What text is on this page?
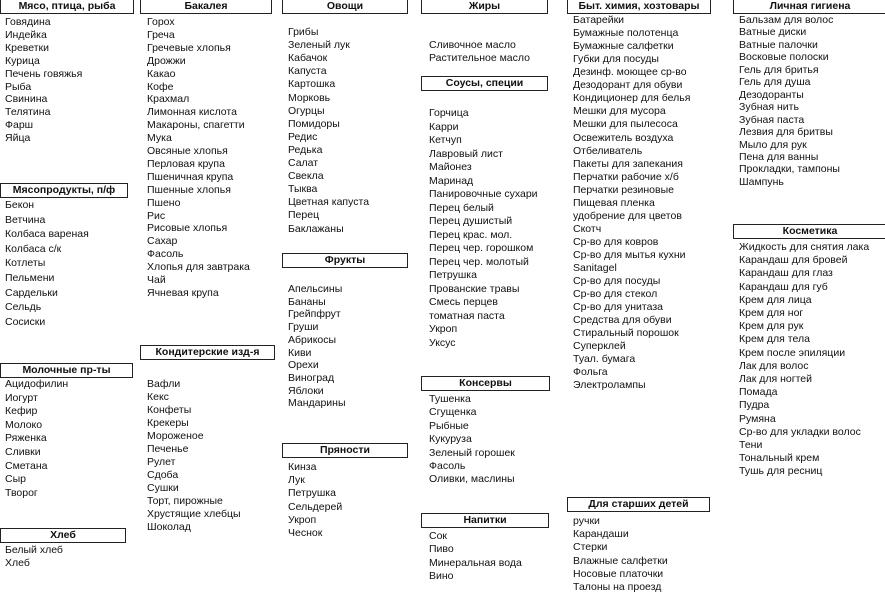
Мясо, птица, рыба
Говядина
Индейка
Креветки
Курица
Печень говяжья
Рыба
Свинина
Телятина
Фарш
Яйца
Мясопродукты, п/ф
Бекон
Ветчина
Колбаса вареная
Колбаса с/к
Котлеты
Пельмени
Сардельки
Сельдь
Сосиски
Молочные пр-ты
Ацидофилин
Иогурт
Кефир
Молоко
Ряженка
Сливки
Сметана
Сыр
Творог
Хлеб
Белый хлеб
Хлеб
Бакалея
Горох
Греча
Гречевые хлопья
Дрожжи
Какао
Кофе
Крахмал
Лимонная кислота
Макароны, спагетти
Мука
Овсяные хлопья
Перловая крупа
Пшеничная крупа
Пшенные хлопья
Пшено
Рис
Рисовые хлопья
Сахар
Фасоль
Хлопья для завтрака
Чай
Ячневая крупа
Кондитерские изд-я
Вафли
Кекс
Конфеты
Крекеры
Мороженое
Печенье
Рулет
Сдоба
Сушки
Торт, пирожные
Хрустящие хлебцы
Шоколад
Овощи
Грибы
Зеленый лук
Кабачок
Капуста
Картошка
Морковь
Огурцы
Помидоры
Редис
Редька
Салат
Свекла
Тыква
Цветная капуста
Перец
Баклажаны
Фрукты
Апельсины
Бананы
Грейпфрут
Груши
Абрикосы
Киви
Орехи
Виноград
Яблоки
Мандарины
Пряности
Кинза
Лук
Петрушка
Сельдерей
Укроп
Чеснок
Жиры
Сливочное масло
Растительное масло
Соусы, специи
Горчица
Карри
Кетчуп
Лавровый лист
Майонез
Маринад
Панировочные сухари
Перец белый
Перец душистый
Перец крас. мол.
Перец чер. горошком
Перец чер. молотый
Петрушка
Прованские травы
Смесь перцев
томатная паста
Укроп
Уксус
Консервы
Тушенка
Сгущенка
Рыбные
Кукуруза
Зеленый горошек
Фасоль
Оливки, маслины
Напитки
Сок
Пиво
Минеральная вода
Вино
Быт. химия, хозтовары
Батарейки
Бумажные полотенца
Бумажные салфетки
Губки для посуды
Дезинф. моющее ср-во
Дезодорант для обуви
Кондиционер для белья
Мешки для мусора
Мешки для пылесоса
Освежитель воздуха
Отбеливатель
Пакеты для запекания
Перчатки рабочие х/б
Перчатки резиновые
Пищевая пленка
удобрение для цветов
Скотч
Ср-во для ковров
Ср-во для мытья кухни
Sanitagel
Ср-во для посуды
Ср-во для стекол
Ср-во для унитаза
Средства для обуви
Стиральный порошок
Суперклей
Туал. бумага
Фольга
Электролампы
Для старших детей
ручки
Карандаши
Стерки
Влажные салфетки
Носовые платочки
Талоны на проезд
Личная гигиена
Бальзам для волос
Ватные диски
Ватные палочки
Восковые полоски
Гель для бритья
Гель для душа
Дезодоранты
Зубная нить
Зубная паста
Лезвия для бритвы
Мыло для рук
Пена для ванны
Прокладки, тампоны
Шампунь
Косметика
Жидкость для снятия лака
Карандаш для бровей
Карандаш для глаз
Карандаш для губ
Крем для лица
Крем для ног
Крем для рук
Крем для тела
Крем после эпиляции
Лак для волос
Лак для ногтей
Помада
Пудра
Румяна
Ср-во для укладки волос
Тени
Тональный крем
Тушь для ресниц
